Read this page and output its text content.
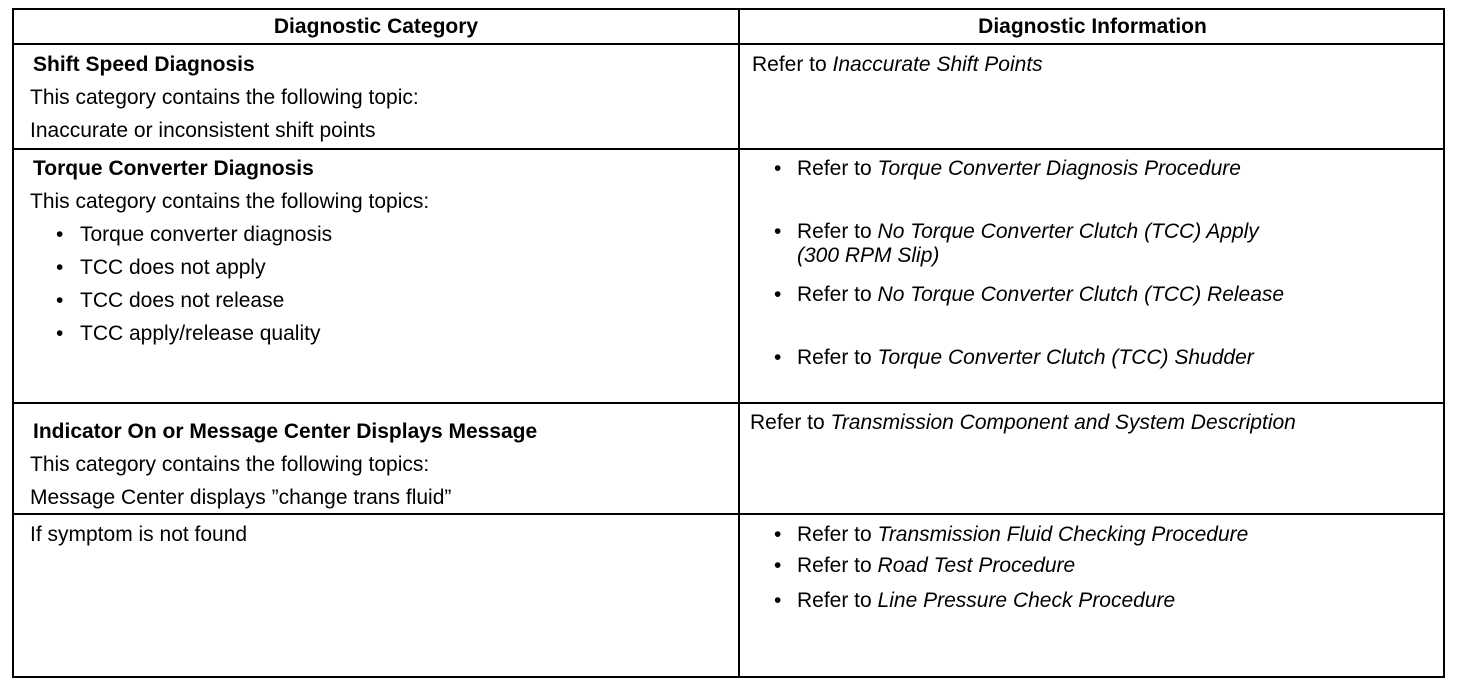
Diagnostic Category	Diagnostic Information
Shift Speed Diagnosis
This category contains the following topic:
Inaccurate or inconsistent shift points
Refer to Inaccurate Shift Points
Torque Converter Diagnosis
This category contains the following topics:
• Torque converter diagnosis
• TCC does not apply
• TCC does not release
• TCC apply/release quality
• Refer to Torque Converter Diagnosis Procedure
• Refer to No Torque Converter Clutch (TCC) Apply
(300 RPM Slip)
• Refer to No Torque Converter Clutch (TCC) Release
• Refer to Torque Converter Clutch (TCC) Shudder
Indicator On or Message Center Displays Message
This category contains the following topics:
Message Center displays ”change trans fluid”
Refer to Transmission Component and System Description
If symptom is not found
•	Refer to Transmission Fluid Checking Procedure
• Refer to Road Test Procedure
• Refer to Line Pressure Check Procedure
